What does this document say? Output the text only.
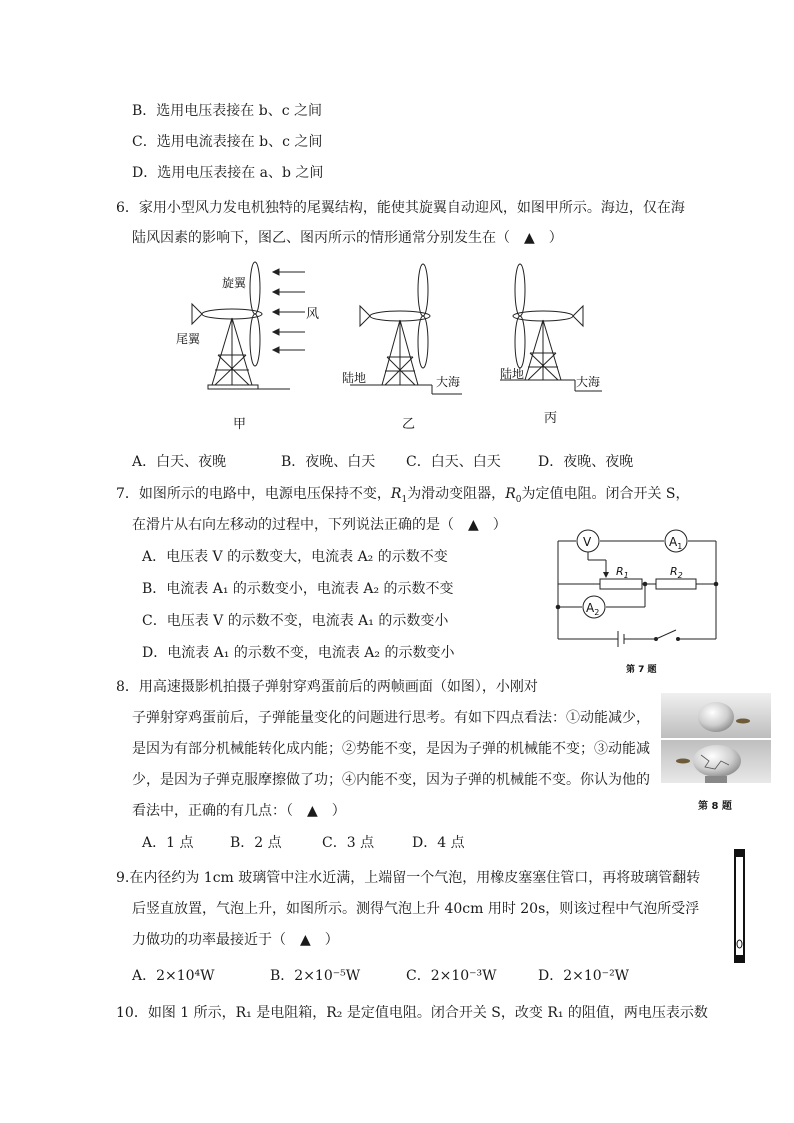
B．选用电压表接在 b、c 之间
C．选用电流表接在 b、c 之间
D．选用电压表接在 a、b 之间
6．家用小型风力发电机独特的尾翼结构，能使其旋翼自动迎风，如图甲所示。海边，仅在海
陆风因素的影响下，图乙、图丙所示的情形通常分别发生在（　▲　）
旋翼
尾翼
风
甲
陆地	大海
乙
陆地
大海
丙
A．白天、夜晚	B．夜晚、白天 C．白天、白天	D．夜晚、夜晚
7．如图所示的电路中，电源电压保持不变，$R_1$为滑动变阻器，$R_0$为定值电阻。闭合开关 S，
在滑片从右向左移动的过程中，下列说法正确的是（　▲　）
A．电压表 V 的示数变大，电流表 A₂ 的示数不变
B．电流表 A₁ 的示数变小，电流表 A₂ 的示数不变
C．电压表 V 的示数不变，电流表 A₁ 的示数变小
D．电流表 A₁ 的示数不变，电流表 A₂ 的示数变小
V	$A_1$
$A_2$
$R_1$	$R_2$
第 7 题
8．用高速摄影机拍摄子弹射穿鸡蛋前后的两帧画面（如图），小刚对
子弹射穿鸡蛋前后，子弹能量变化的问题进行思考。有如下四点看法：①动能减少，
是因为有部分机械能转化成内能；②势能不变，是因为子弹的机械能不变；③动能减
少，是因为子弹克服摩擦做了功；④内能不变，因为子弹的机械能不变。你认为他的
看法中，正确的有几点：（　▲　）
A．1 点	B．2 点	C．3 点	D．4 点
第 8 题
9.在内径约为 1cm 玻璃管中注水近满，上端留一个气泡，用橡皮塞塞住管口，再将玻璃管翻转
后竖直放置，气泡上升，如图所示。测得气泡上升 40cm 用时 20s，则该过程中气泡所受浮
力做功的功率最接近于（　▲　）
A．2×10⁴W	B．2×10⁻⁵W	C．2×10⁻³W	D．2×10⁻²W
10．如图 1 所示，R₁ 是电阻箱，R₂ 是定值电阻。闭合开关 S，改变 R₁ 的阻值，两电压表示数
